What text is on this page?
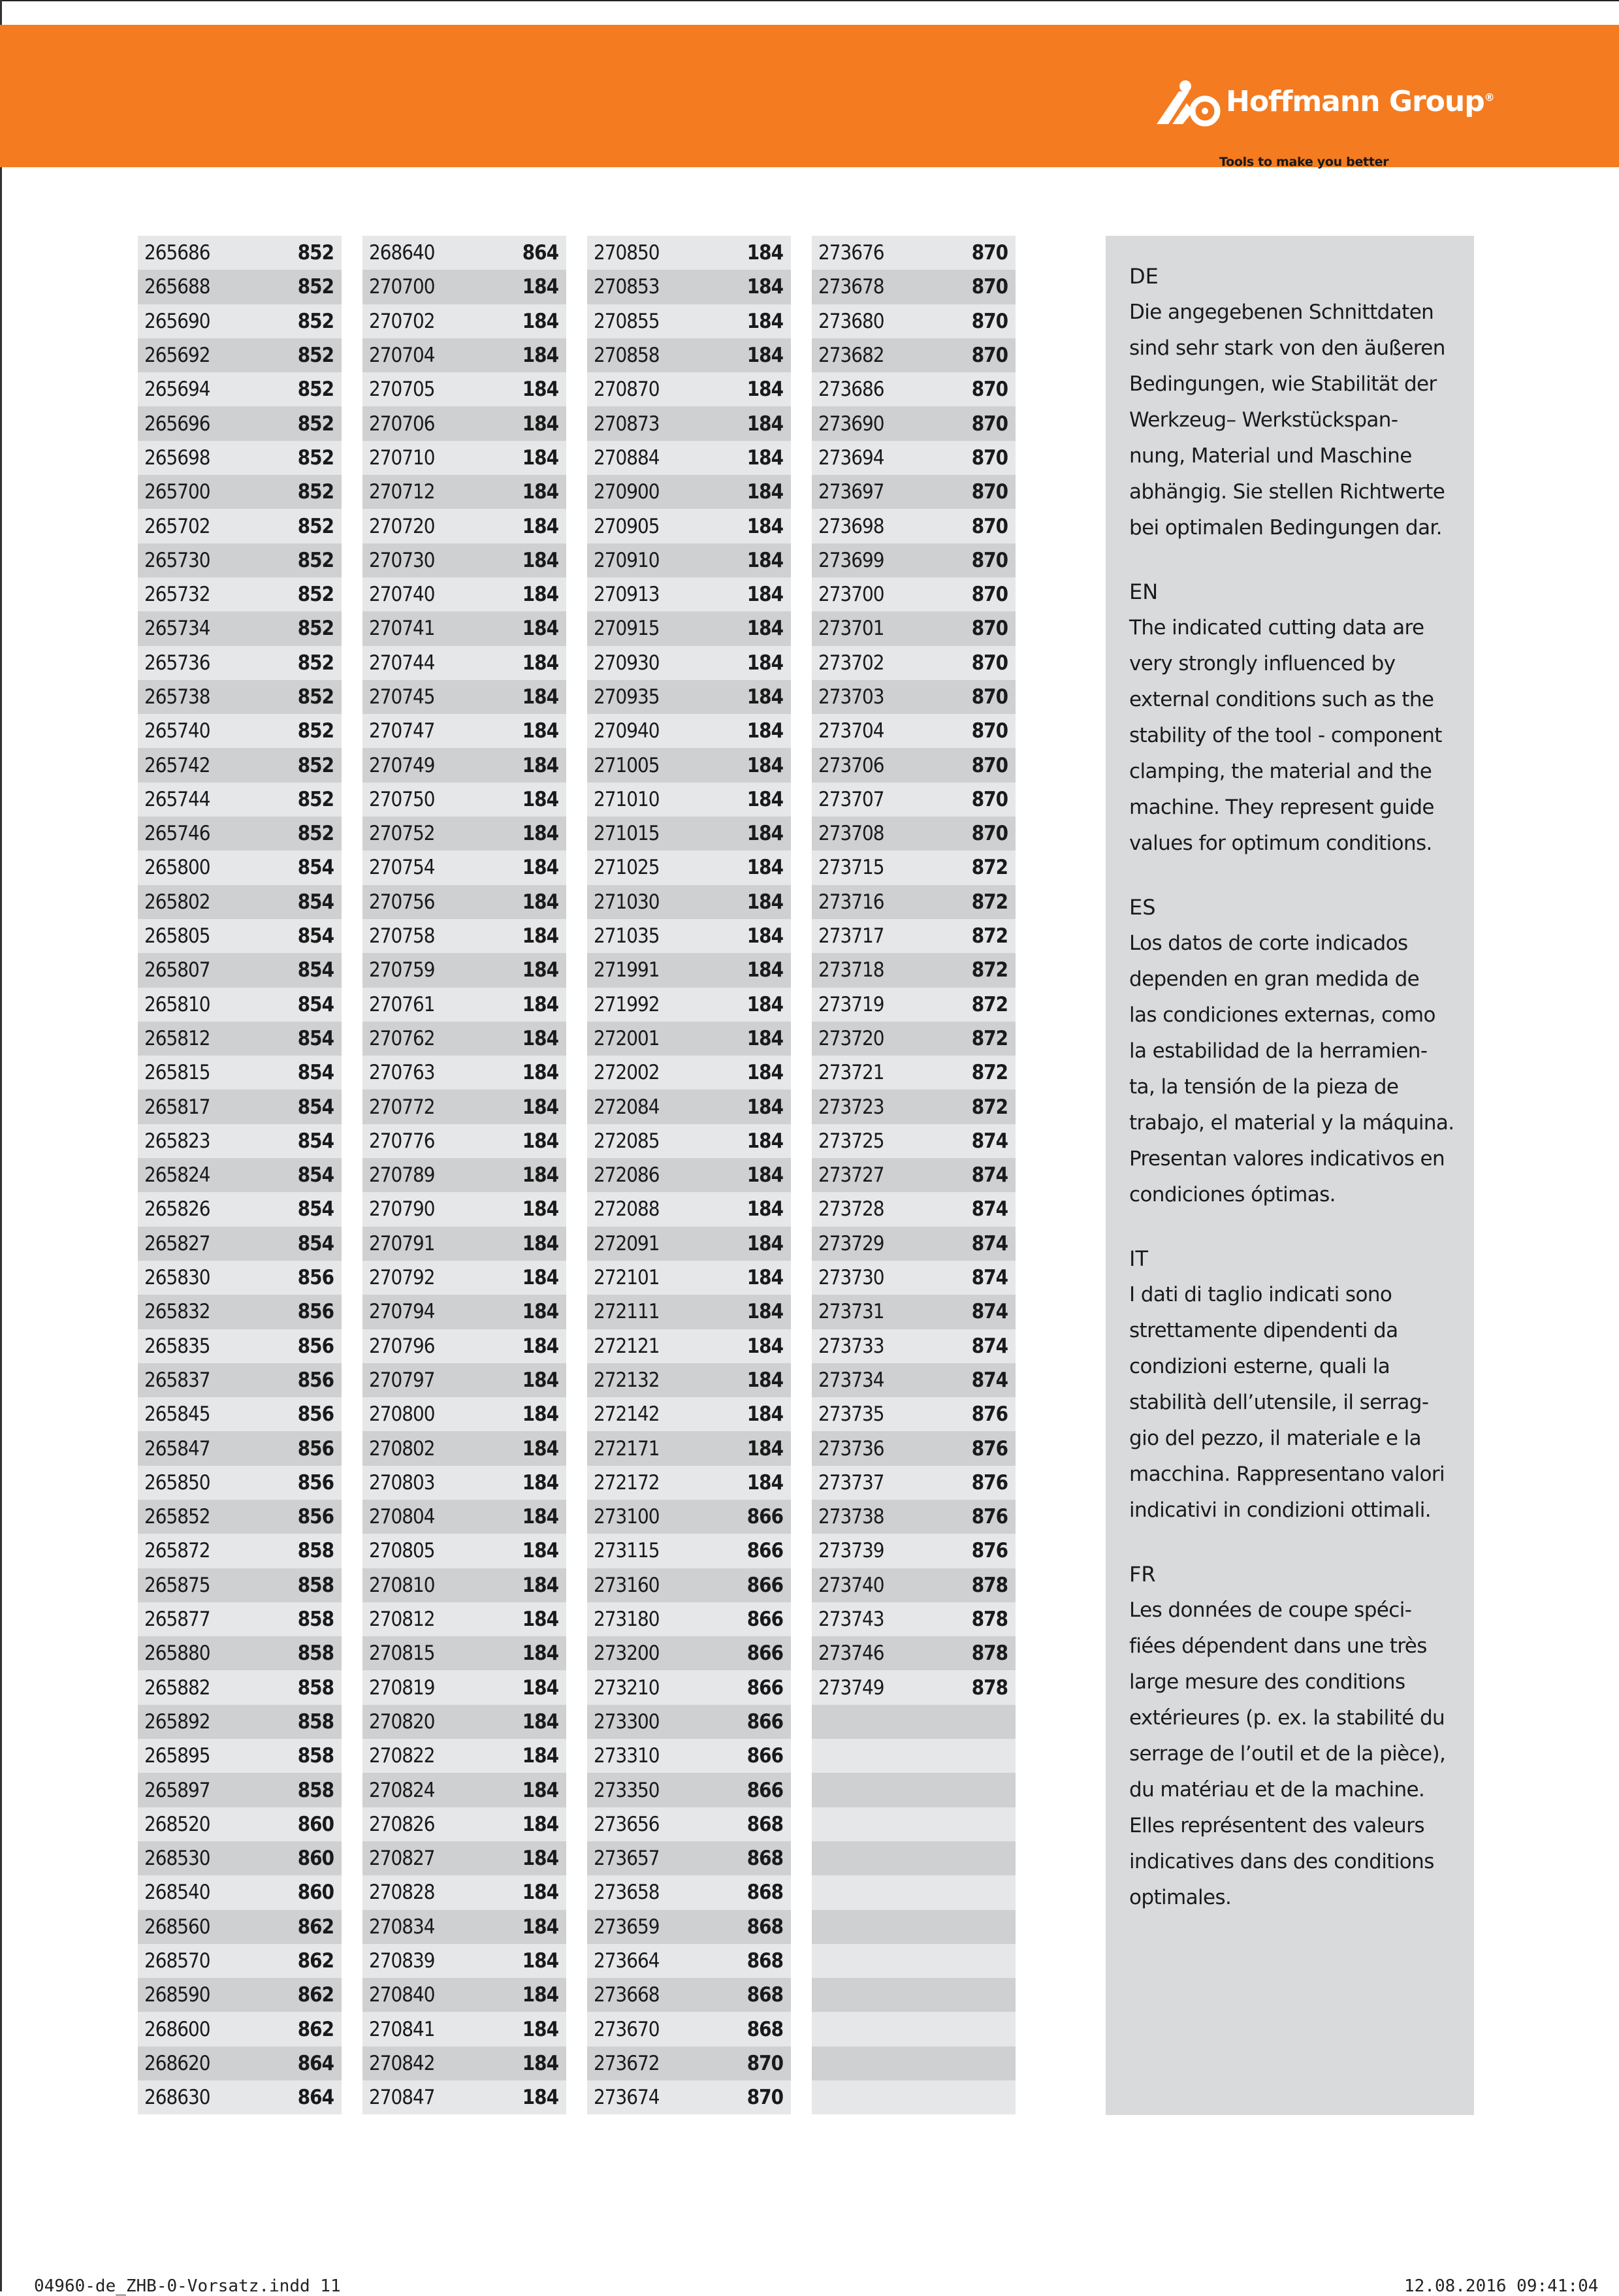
Hoffmann Group®
Tools to make you better
265686	852
265688	852
265690	852
265692	852
265694	852
265696	852
265698	852
265700	852
265702	852
265730	852
265732	852
265734	852
265736	852
265738	852
265740	852
265742	852
265744	852
265746	852
265800	854
265802	854
265805	854
265807	854
265810	854
265812	854
265815	854
265817	854
265823	854
265824	854
265826	854
265827	854
265830	856
265832	856
265835	856
265837	856
265845	856
265847	856
265850	856
265852	856
265872	858
265875	858
265877	858
265880	858
265882	858
265892	858
265895	858
265897	858
268520	860
268530	860
268540	860
268560	862
268570	862
268590	862
268600	862
268620	864
268630	864
268640	864
270700	184
270702	184
270704	184
270705	184
270706	184
270710	184
270712	184
270720	184
270730	184
270740	184
270741	184
270744	184
270745	184
270747	184
270749	184
270750	184
270752	184
270754	184
270756	184
270758	184
270759	184
270761	184
270762	184
270763	184
270772	184
270776	184
270789	184
270790	184
270791	184
270792	184
270794	184
270796	184
270797	184
270800	184
270802	184
270803	184
270804	184
270805	184
270810	184
270812	184
270815	184
270819	184
270820	184
270822	184
270824	184
270826	184
270827	184
270828	184
270834	184
270839	184
270840	184
270841	184
270842	184
270847	184
270850	184
270853	184
270855	184
270858	184
270870	184
270873	184
270884	184
270900	184
270905	184
270910	184
270913	184
270915	184
270930	184
270935	184
270940	184
271005	184
271010	184
271015	184
271025	184
271030	184
271035	184
271991	184
271992	184
272001	184
272002	184
272084	184
272085	184
272086	184
272088	184
272091	184
272101	184
272111	184
272121	184
272132	184
272142	184
272171	184
272172	184
273100	866
273115	866
273160	866
273180	866
273200	866
273210	866
273300	866
273310	866
273350	866
273656	868
273657	868
273658	868
273659	868
273664	868
273668	868
273670	868
273672	870
273674	870
273676	870
273678	870
273680	870
273682	870
273686	870
273690	870
273694	870
273697	870
273698	870
273699	870
273700	870
273701	870
273702	870
273703	870
273704	870
273706	870
273707	870
273708	870
273715	872
273716	872
273717	872
273718	872
273719	872
273720	872
273721	872
273723	872
273725	874
273727	874
273728	874
273729	874
273730	874
273731	874
273733	874
273734	874
273735	876
273736	876
273737	876
273738	876
273739	876
273740	878
273743	878
273746	878
273749	878
DE
Die angegebenen Schnittdaten
sind sehr stark von den äußeren
Bedingungen, wie Stabilität der
Werkzeug– Werkstückspan-
nung, Material und Maschine
abhängig. Sie stellen Richtwerte
bei optimalen Bedingungen dar.
EN
The indicated cutting data are
very strongly influenced by
external conditions such as the
stability of the tool - component
clamping, the material and the
machine. They represent guide
values for optimum conditions.
ES
Los datos de corte indicados
dependen en gran medida de
las condiciones externas, como
la estabilidad de la herramien-
ta, la tensión de la pieza de
trabajo, el material y la máquina.
Presentan valores indicativos en
condiciones óptimas.
IT
I dati di taglio indicati sono
strettamente dipendenti da
condizioni esterne, quali la
stabilità dell’utensile, il serrag-
gio del pezzo, il materiale e la
macchina. Rappresentano valori
indicativi in condizioni ottimali.
FR
Les données de coupe spéci-
fiées dépendent dans une très
large mesure des conditions
extérieures (p. ex. la stabilité du
serrage de l’outil et de la pièce),
du matériau et de la machine.
Elles représentent des valeurs
indicatives dans des conditions
optimales.
04960-de_ZHB-0-Vorsatz.indd 11	12.08.2016 09:41:04
